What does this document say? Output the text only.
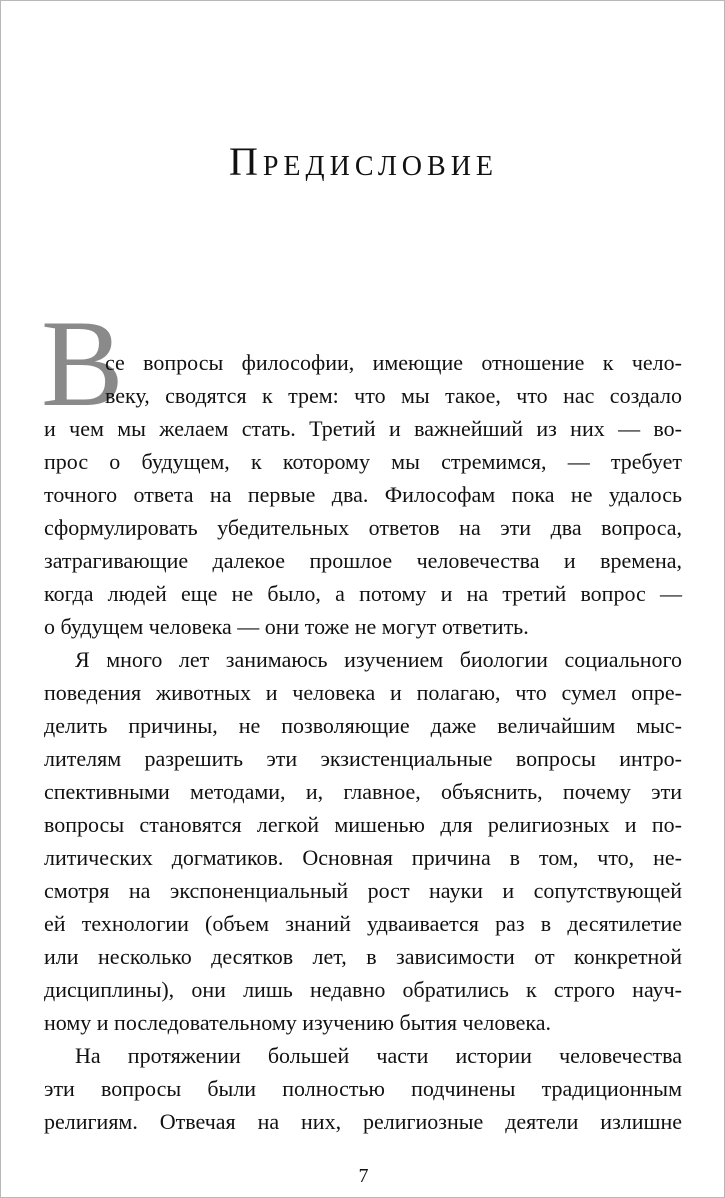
Предисловие
В
се вопросы философии, имеющие отношение к чело-
веку, сводятся к трем: что мы такое, что нас создало
и чем мы желаем стать. Третий и важнейший из них — во-
прос о будущем, к которому мы стремимся, — требует
точного ответа на первые два. Философам пока не удалось
сформулировать убедительных ответов на эти два вопроса,
затрагивающие далекое прошлое человечества и времена,
когда людей еще не было, а потому и на третий вопрос —
о будущем человека — они тоже не могут ответить.
Я много лет занимаюсь изучением биологии социального
поведения животных и человека и полагаю, что сумел опре-
делить причины, не позволяющие даже величайшим мыс-
лителям разрешить эти экзистенциальные вопросы интро-
спективными методами, и, главное, объяснить, почему эти
вопросы становятся легкой мишенью для религиозных и по-
литических догматиков. Основная причина в том, что, не-
смотря на экспоненциальный рост науки и сопутствующей
ей технологии (объем знаний удваивается раз в десятилетие
или несколько десятков лет, в зависимости от конкретной
дисциплины), они лишь недавно обратились к строго науч-
ному и последовательному изучению бытия человека.
На протяжении большей части истории человечества
эти вопросы были полностью подчинены традиционным
религиям. Отвечая на них, религиозные деятели излишне
7
